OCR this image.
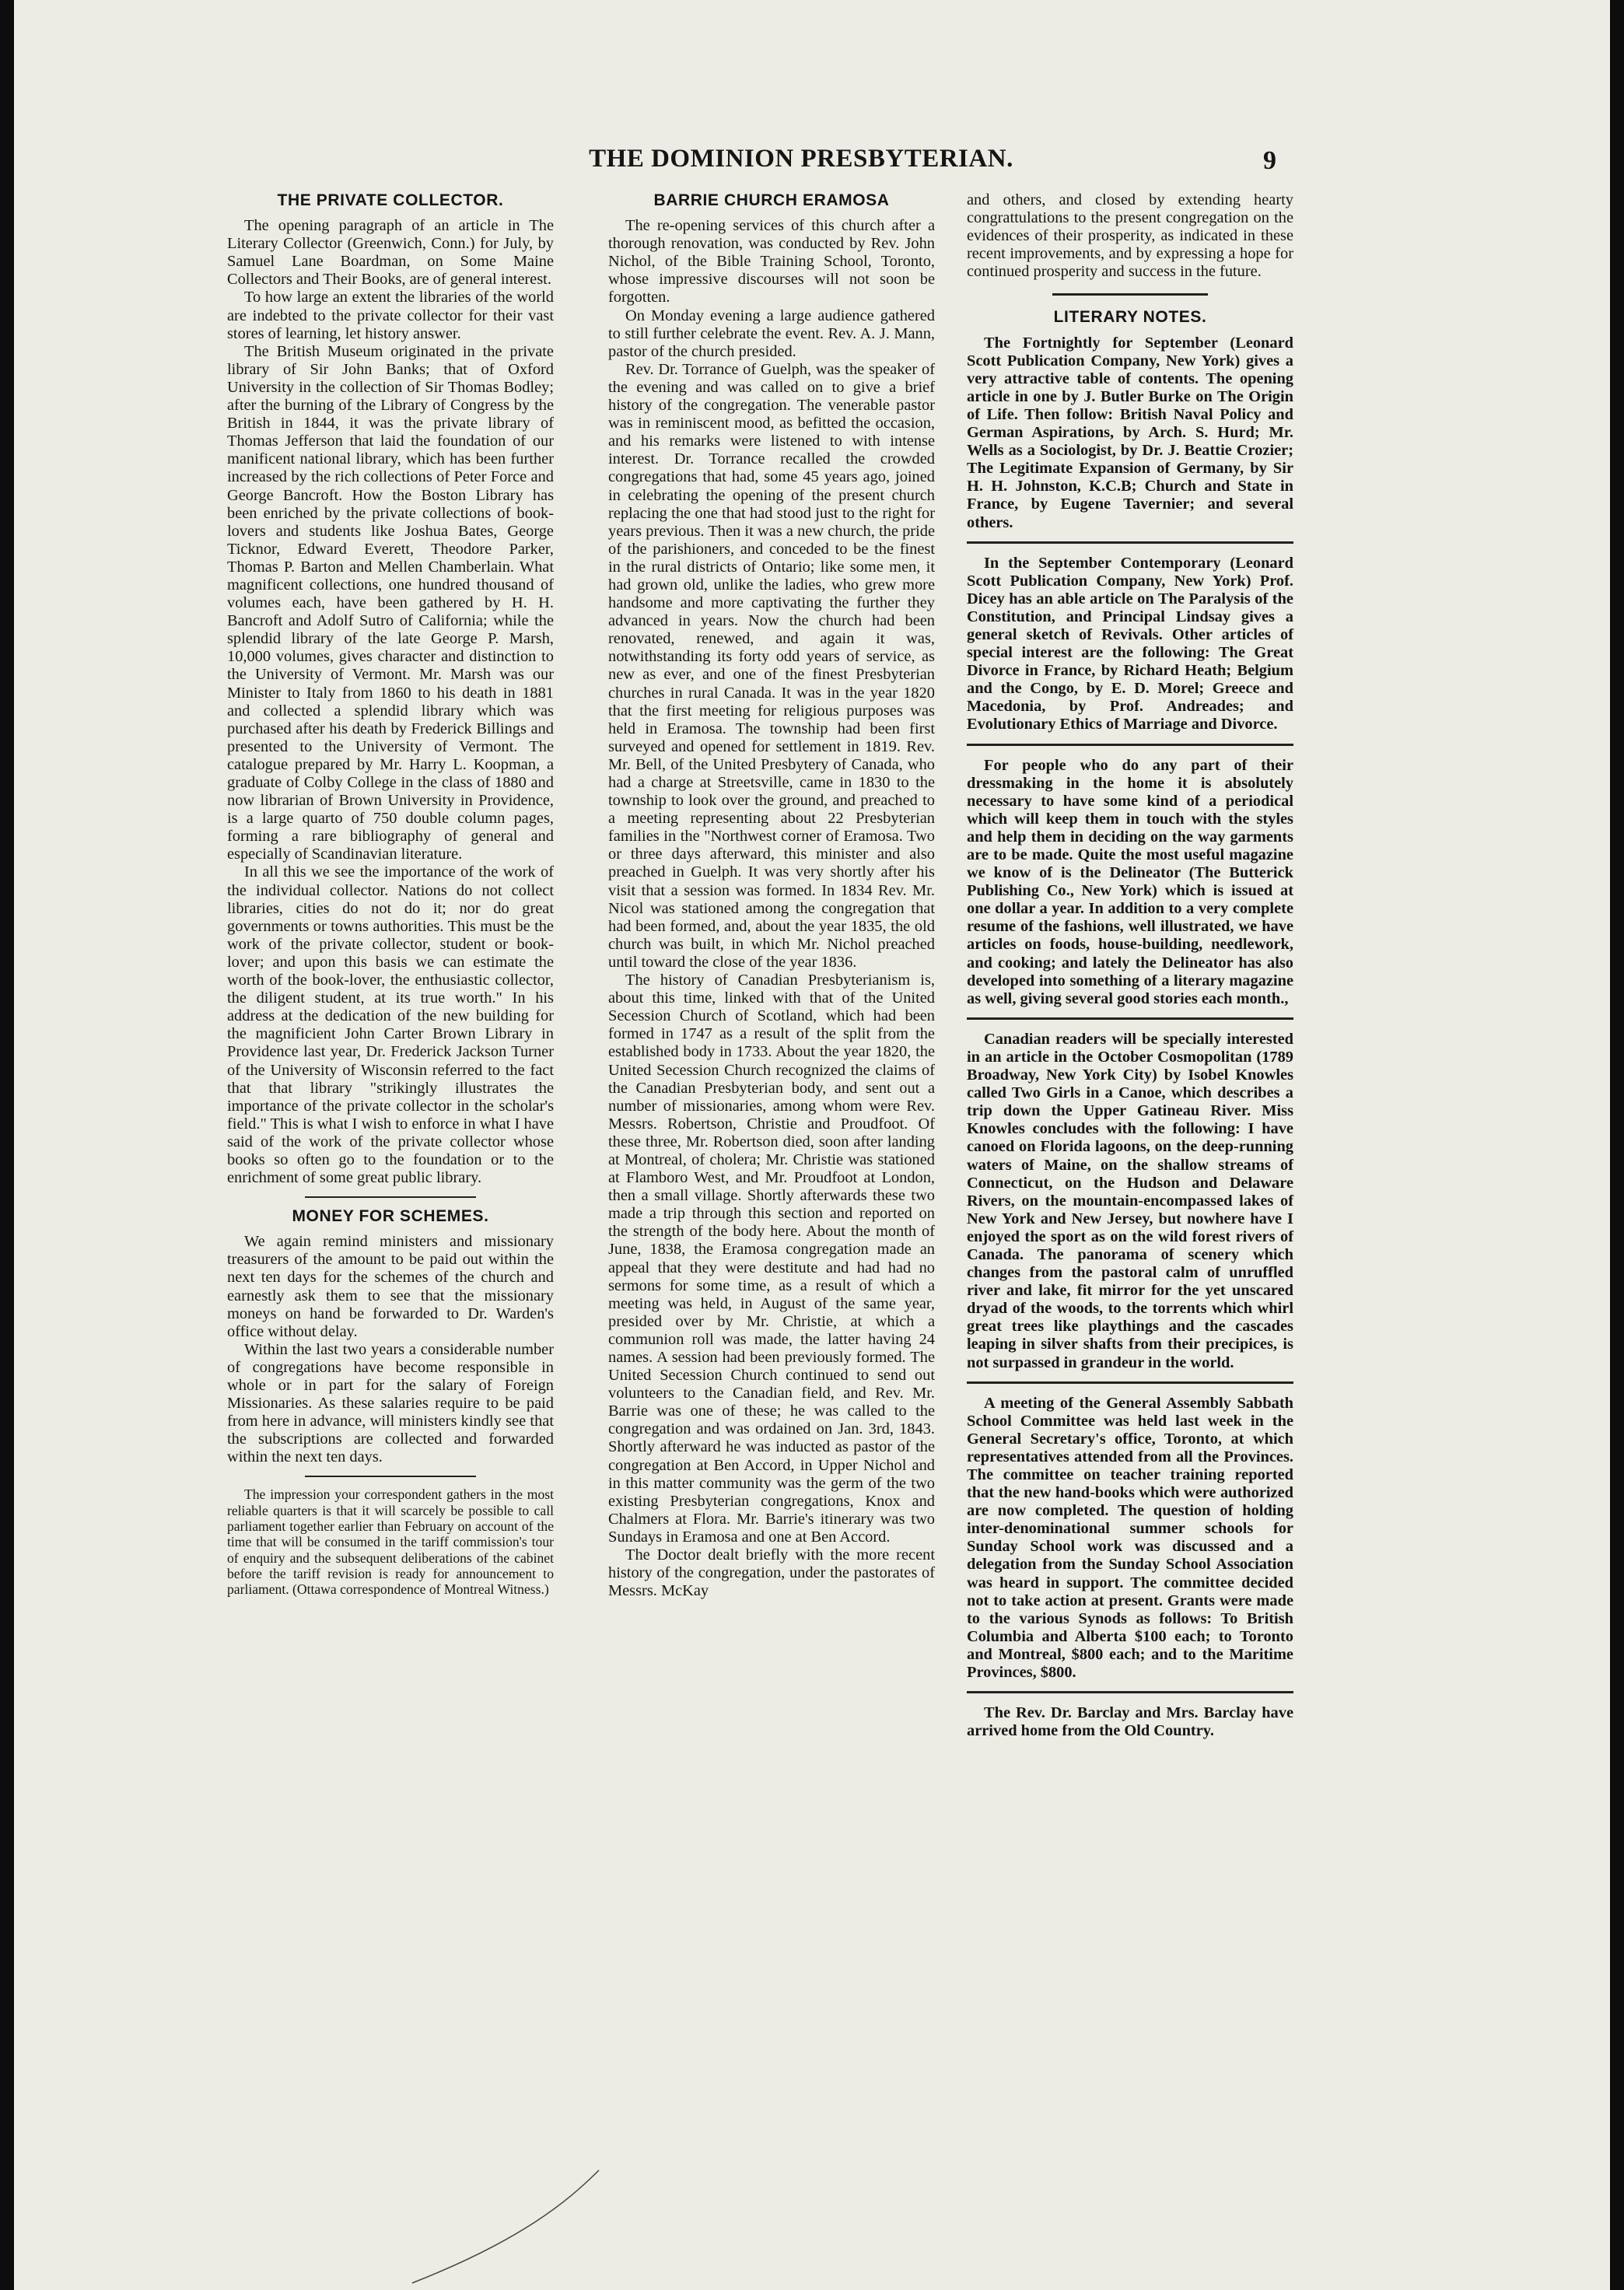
THE DOMINION PRESBYTERIAN.	9
THE PRIVATE COLLECTOR.

The opening paragraph of an article in The Literary Collector (Greenwich, Conn.) for July, by Samuel Lane Boardman, on Some Maine Collectors and Their Books, are of general interest.

To how large an extent the libraries of the world are indebted to the private collector for their vast stores of learning, let history answer.

The British Museum originated in the private library of Sir John Banks; that of Oxford University in the collection of Sir Thomas Bodley; after the burning of the Library of Congress by the British in 1844, it was the private library of Thomas Jefferson that laid the foundation of our manificent national library, which has been further increased by the rich collections of Peter Force and George Bancroft. How the Boston Library has been enriched by the private collections of book-lovers and students like Joshua Bates, George Ticknor, Edward Everett, Theodore Parker, Thomas P. Barton and Mellen Chamberlain. What magnificent collections, one hundred thousand of volumes each, have been gathered by H. H. Bancroft and Adolf Sutro of California; while the splendid library of the late George P. Marsh, 10,000 volumes, gives character and distinction to the University of Vermont. Mr. Marsh was our Minister to Italy from 1860 to his death in 1881 and collected a splendid library which was purchased after his death by Frederick Billings and presented to the University of Vermont. The catalogue prepared by Mr. Harry L. Koopman, a graduate of Colby College in the class of 1880 and now librarian of Brown University in Providence, is a large quarto of 750 double column pages, forming a rare bibliography of general and especially of Scandinavian literature.

In all this we see the importance of the work of the individual collector. Nations do not collect libraries, cities do not do it; nor do great governments or towns authorities. This must be the work of the private collector, student or book-lover; and upon this basis we can estimate the worth of the book-lover, the enthusiastic collector, the diligent student, at its true worth." In his address at the dedication of the new building for the magnificient John Carter Brown Library in Providence last year, Dr. Frederick Jackson Turner of the University of Wisconsin referred to the fact that that library "strikingly illustrates the importance of the private collector in the scholar's field." This is what I wish to enforce in what I have said of the work of the private collector whose books so often go to the foundation or to the enrichment of some great public library.

MONEY FOR SCHEMES.

We again remind ministers and missionary treasurers of the amount to be paid out within the next ten days for the schemes of the church and earnestly ask them to see that the missionary moneys on hand be forwarded to Dr. Warden's office without delay.

Within the last two years a considerable number of congregations have become responsible in whole or in part for the salary of Foreign Missionaries. As these salaries require to be paid from here in advance, will ministers kindly see that the subscriptions are collected and forwarded within the next ten days.

The impression your correspondent gathers in the most reliable quarters is that it will scarcely be possible to call parliament together earlier than February on account of the time that will be consumed in the tariff commission's tour of enquiry and the subsequent deliberations of the cabinet before the tariff revision is ready for announcement to parliament. (Ottawa correspondence of Montreal Witness.)

BARRIE CHURCH ERAMOSA

The re-opening services of this church after a thorough renovation, was conducted by Rev. John Nichol, of the Bible Training School, Toronto, whose impressive discourses will not soon be forgotten.

On Monday evening a large audience gathered to still further celebrate the event. Rev. A. J. Mann, pastor of the church presided.

Rev. Dr. Torrance of Guelph, was the speaker of the evening and was called on to give a brief history of the congregation. The venerable pastor was in reminiscent mood, as befitted the occasion, and his remarks were listened to with intense interest. Dr. Torrance recalled the crowded congregations that had, some 45 years ago, joined in celebrating the opening of the present church replacing the one that had stood just to the right for years previous. Then it was a new church, the pride of the parishioners, and conceded to be the finest in the rural districts of Ontario; like some men, it had grown old, unlike the ladies, who grew more handsome and more captivating the further they advanced in years. Now the church had been renovated, renewed, and again it was, notwithstanding its forty odd years of service, as new as ever, and one of the finest Presbyterian churches in rural Canada. It was in the year 1820 that the first meeting for religious purposes was held in Eramosa. The township had been first surveyed and opened for settlement in 1819. Rev. Mr. Bell, of the United Presbytery of Canada, who had a charge at Streetsville, came in 1830 to the township to look over the ground, and preached to a meeting representing about 22 Presbyterian families in the "Northwest corner of Eramosa. Two or three days afterward, this minister and also preached in Guelph. It was very shortly after his visit that a session was formed. In 1834 Rev. Mr. Nicol was stationed among the congregation that had been formed, and, about the year 1835, the old church was built, in which Mr. Nichol preached until toward the close of the year 1836.

The history of Canadian Presbyterianism is, about this time, linked with that of the United Secession Church of Scotland, which had been formed in 1747 as a result of the split from the established body in 1733. About the year 1820, the United Secession Church recognized the claims of the Canadian Presbyterian body, and sent out a number of missionaries, among whom were Rev. Messrs. Robertson, Christie and Proudfoot. Of these three, Mr. Robertson died, soon after landing at Montreal, of cholera; Mr. Christie was stationed at Flamboro West, and Mr. Proudfoot at London, then a small village. Shortly afterwards these two made a trip through this section and reported on the strength of the body here. About the month of June, 1838, the Eramosa congregation made an appeal that they were destitute and had had no sermons for some time, as a result of which a meeting was held, in August of the same year, presided over by Mr. Christie, at which a communion roll was made, the latter having 24 names. A session had been previously formed. The United Secession Church continued to send out volunteers to the Canadian field, and Rev. Mr. Barrie was one of these; he was called to the congregation and was ordained on Jan. 3rd, 1843. Shortly afterward he was inducted as pastor of the congregation at Ben Accord, in Upper Nichol and in this matter community was the germ of the two existing Presbyterian congregations, Knox and Chalmers at Flora. Mr. Barrie's itinerary was two Sundays in Eramosa and one at Ben Accord.

The Doctor dealt briefly with the more recent history of the congregation, under the pastorates of Messrs. McKay

and others, and closed by extending hearty congrattulations to the present congregation on the evidences of their prosperity, as indicated in these recent improvements, and by expressing a hope for continued prosperity and success in the future.

LITERARY NOTES.

The Fortnightly for September (Leonard Scott Publication Company, New York) gives a very attractive table of contents. The opening article in one by J. Butler Burke on The Origin of Life. Then follow: British Naval Policy and German Aspirations, by Arch. S. Hurd; Mr. Wells as a Sociologist, by Dr. J. Beattie Crozier; The Legitimate Expansion of Germany, by Sir H. H. Johnston, K.C.B; Church and State in France, by Eugene Tavernier; and several others.

In the September Contemporary (Leonard Scott Publication Company, New York) Prof. Dicey has an able article on The Paralysis of the Constitution, and Principal Lindsay gives a general sketch of Revivals. Other articles of special interest are the following: The Great Divorce in France, by Richard Heath; Belgium and the Congo, by E. D. Morel; Greece and Macedonia, by Prof. Andreades; and Evolutionary Ethics of Marriage and Divorce.

For people who do any part of their dressmaking in the home it is absolutely necessary to have some kind of a periodical which will keep them in touch with the styles and help them in deciding on the way garments are to be made. Quite the most useful magazine we know of is the Delineator (The Butterick Publishing Co., New York) which is issued at one dollar a year. In addition to a very complete resume of the fashions, well illustrated, we have articles on foods, house-building, needlework, and cooking; and lately the Delineator has also developed into something of a literary magazine as well, giving several good stories each month.,

Canadian readers will be specially interested in an article in the October Cosmopolitan (1789 Broadway, New York City) by Isobel Knowles called Two Girls in a Canoe, which describes a trip down the Upper Gatineau River. Miss Knowles concludes with the following: I have canoed on Florida lagoons, on the deep-running waters of Maine, on the shallow streams of Connecticut, on the Hudson and Delaware Rivers, on the mountain-encompassed lakes of New York and New Jersey, but nowhere have I enjoyed the sport as on the wild forest rivers of Canada. The panorama of scenery which changes from the pastoral calm of unruffled river and lake, fit mirror for the yet unscared dryad of the woods, to the torrents which whirl great trees like playthings and the cascades leaping in silver shafts from their precipices, is not surpassed in grandeur in the world.

A meeting of the General Assembly Sabbath School Committee was held last week in the General Secretary's office, Toronto, at which representatives attended from all the Provinces. The committee on teacher training reported that the new hand-books which were authorized are now completed. The question of holding inter-denominational summer schools for Sunday School work was discussed and a delegation from the Sunday School Association was heard in support. The committee decided not to take action at present. Grants were made to the various Synods as follows: To British Columbia and Alberta $100 each; to Toronto and Montreal, $800 each; and to the Maritime Provinces, $800.

The Rev. Dr. Barclay and Mrs. Barclay have arrived home from the Old Country.
